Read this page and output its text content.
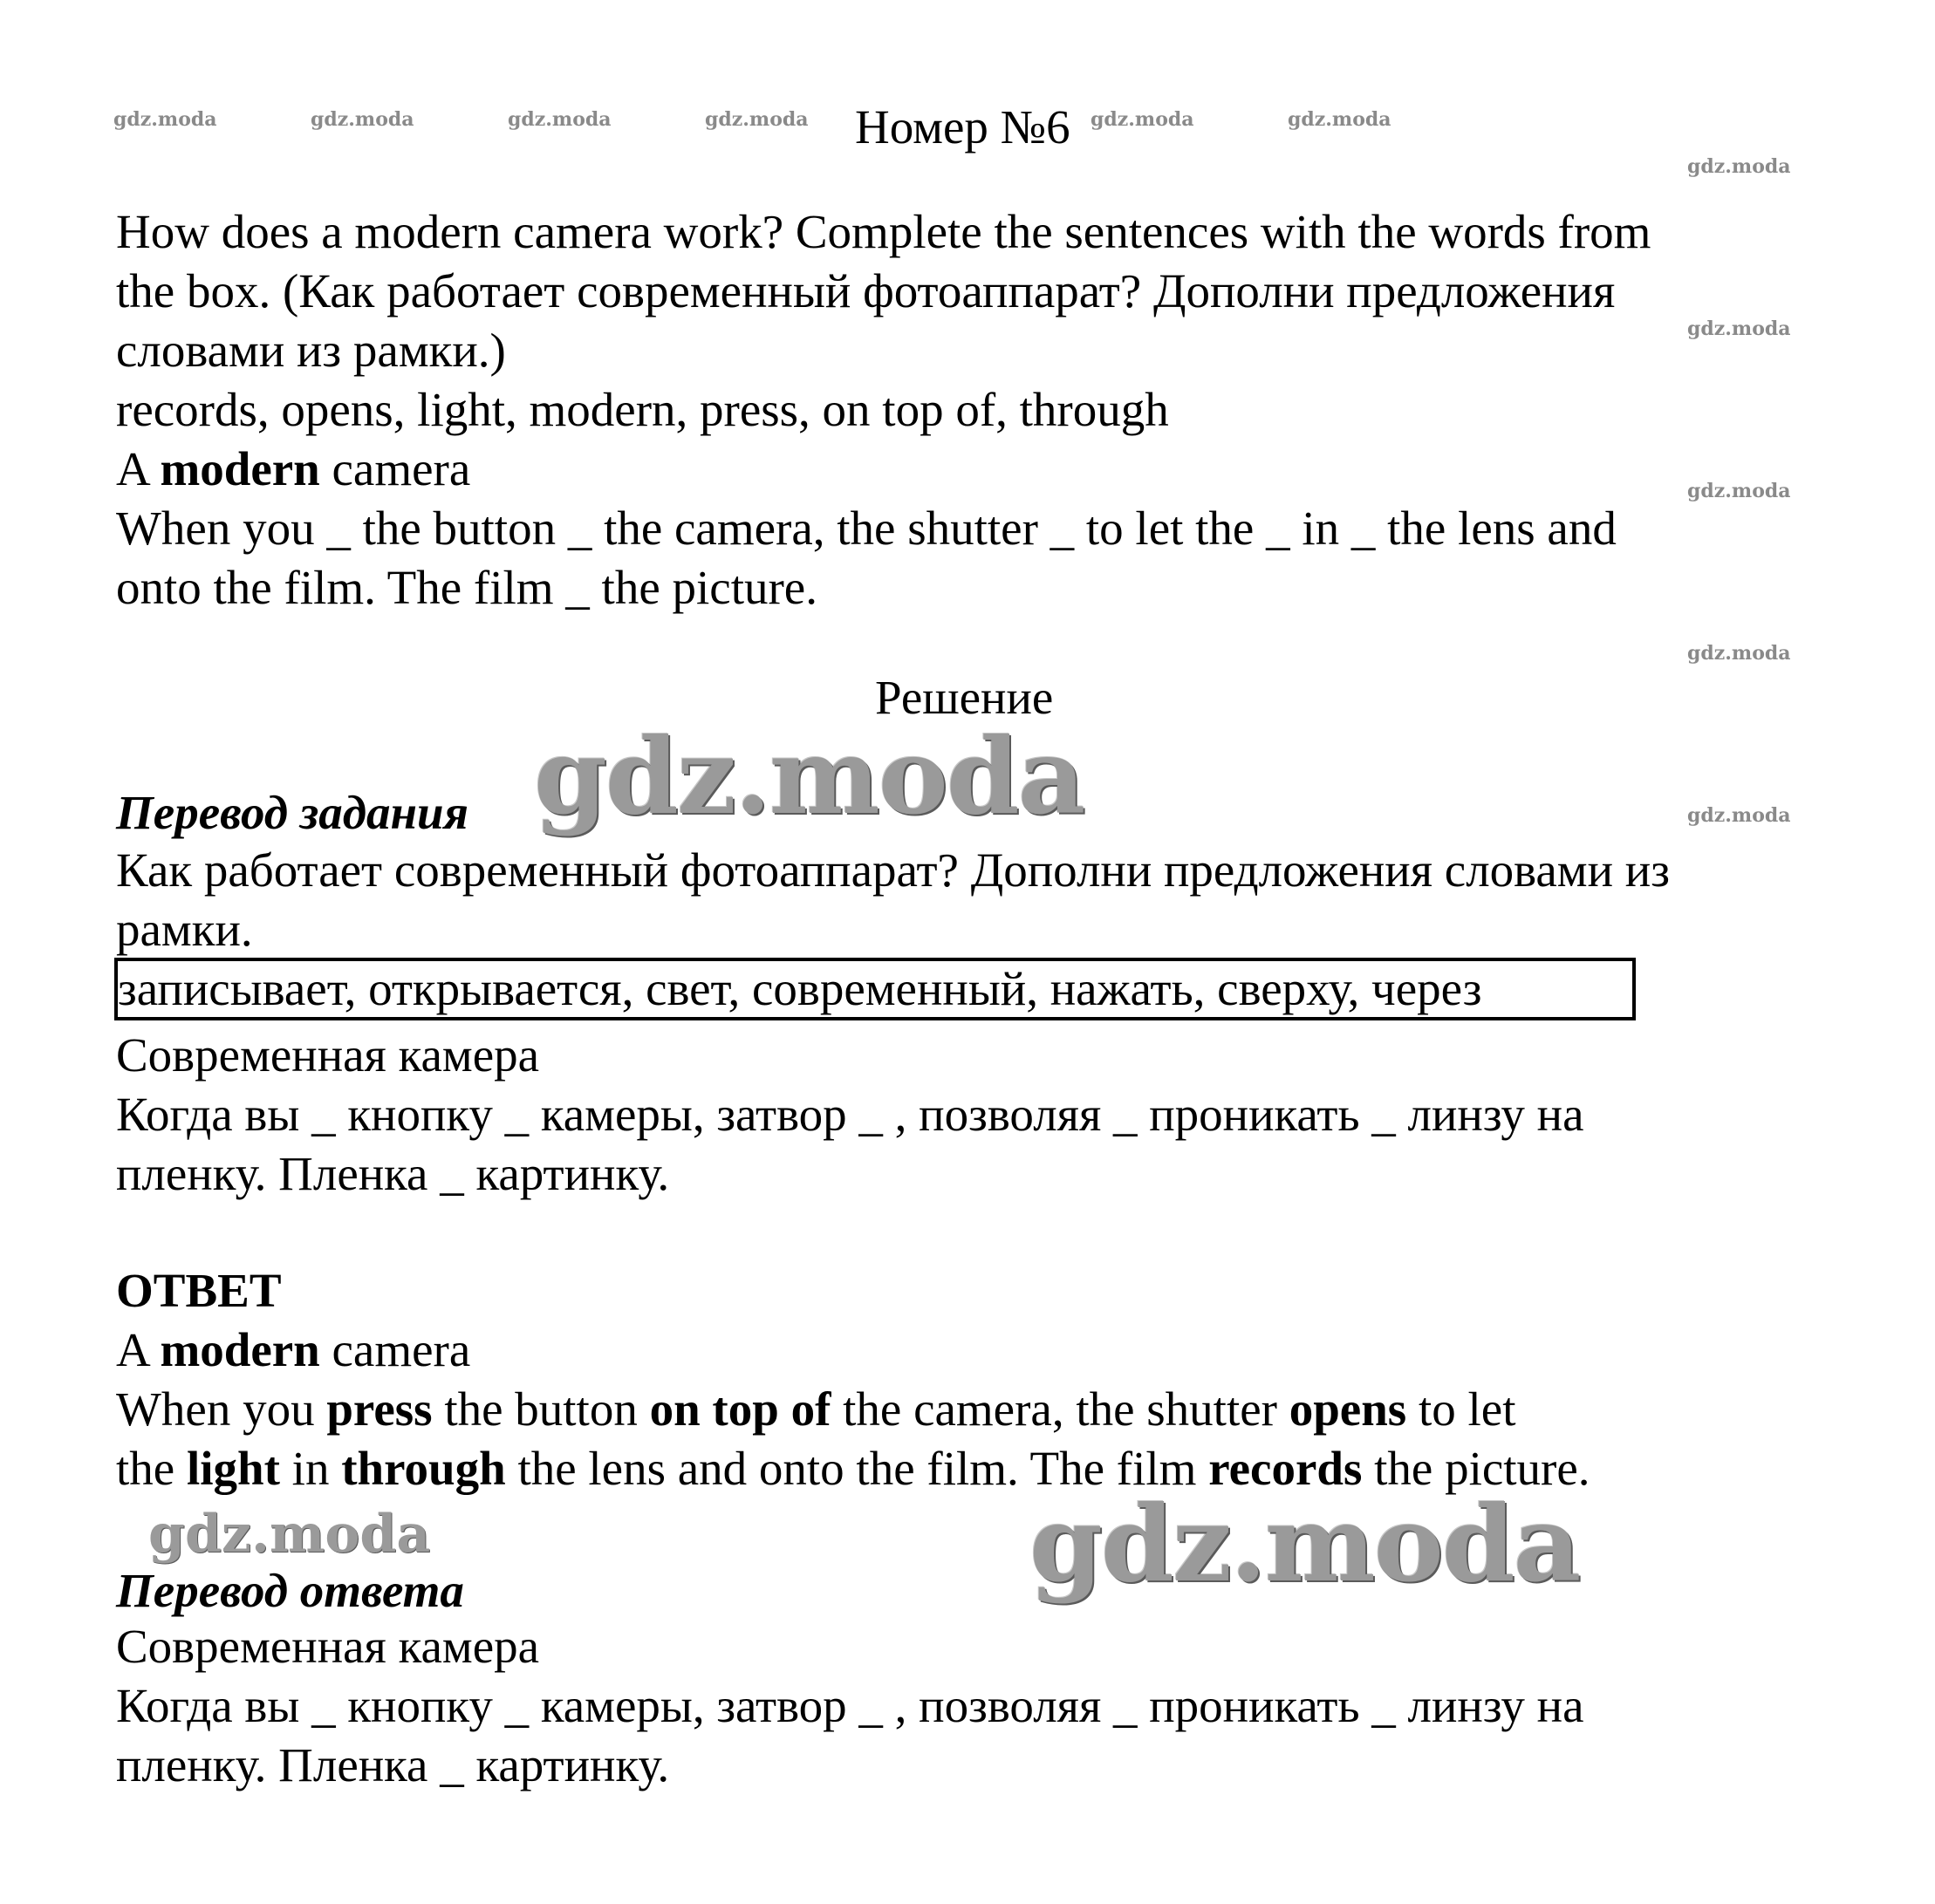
gdz.moda	gdz.moda	gdz.moda	gdz.moda	gdz.moda	gdz.moda
gdz.moda
gdz.moda
gdz.moda
gdz.moda
gdz.moda
Номер №6
How does a modern camera work? Complete the sentences with the words from
the box. (Как работает современный фотоаппарат? Дополни предложения
словами из рамки.)
records, opens, light, modern, press, on top of, through
A modern camera
When you _ the button _ the camera, the shutter _ to let the _ in _ the lens and
onto the film. The film _ the picture.
Решение
gdz.moda
Перевод задания
Как работает современный фотоаппарат? Дополни предложения словами из
рамки.
записывает, открывается, свет, современный, нажать, сверху, через
Современная камера
Когда вы _ кнопку _ камеры, затвор _ , позволяя _ проникать _ линзу на
пленку. Пленка _ картинку.
ОТВЕТ
A modern camera
When you press the button on top of the camera, the shutter opens to let
the light in through the lens and onto the film. The film records the picture.
gdz.moda	gdz.moda
Перевод ответа
Современная камера
Когда вы _ кнопку _ камеры, затвор _ , позволяя _ проникать _ линзу на
пленку. Пленка _ картинку.
